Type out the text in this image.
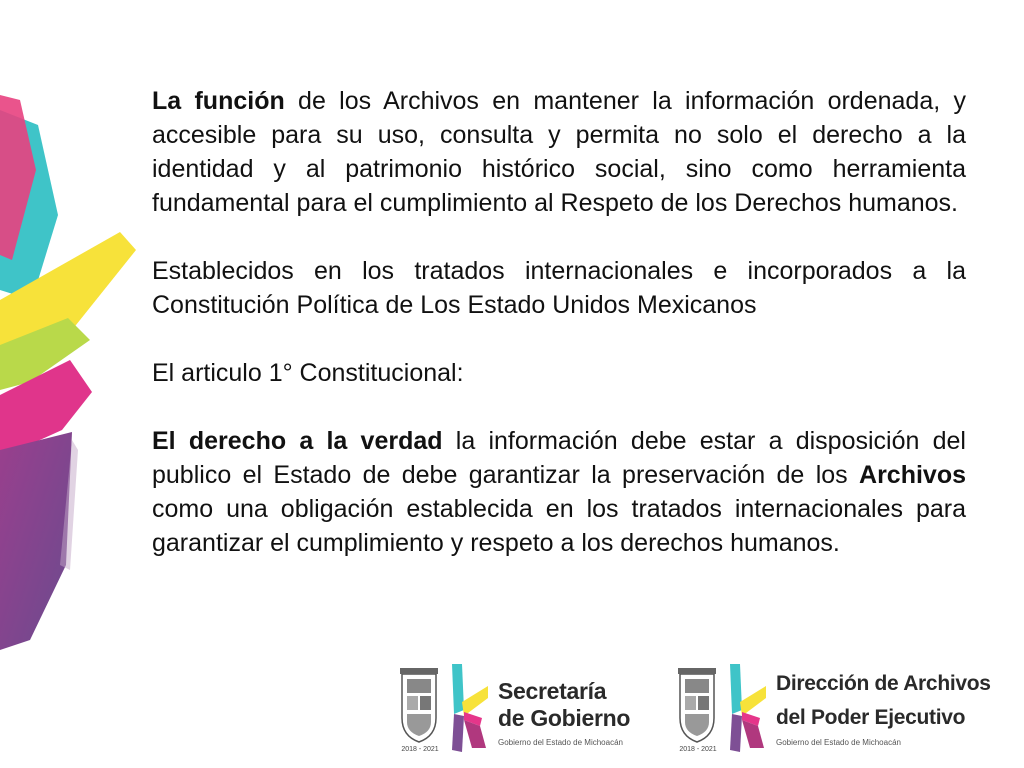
La función de los Archivos en mantener la información ordenada, y accesible para su uso, consulta y permita no solo el derecho a la identidad y al patrimonio histórico social, sino como herramienta fundamental para el cumplimiento al Respeto de los Derechos humanos.

Establecidos en los tratados internacionales e incorporados a la Constitución Política de Los Estado Unidos Mexicanos

El articulo 1° Constitucional:

El derecho a la verdad la información debe estar a disposición del publico el Estado de debe garantizar la preservación de los Archivos como una obligación establecida en los tratados internacionales para garantizar el cumplimiento y respeto a los derechos humanos.

2018 - 2021
Secretaría
de Gobierno
Gobierno del Estado de Michoacán
2018 - 2021
Dirección de Archivos
del Poder Ejecutivo
Gobierno del Estado de Michoacán
